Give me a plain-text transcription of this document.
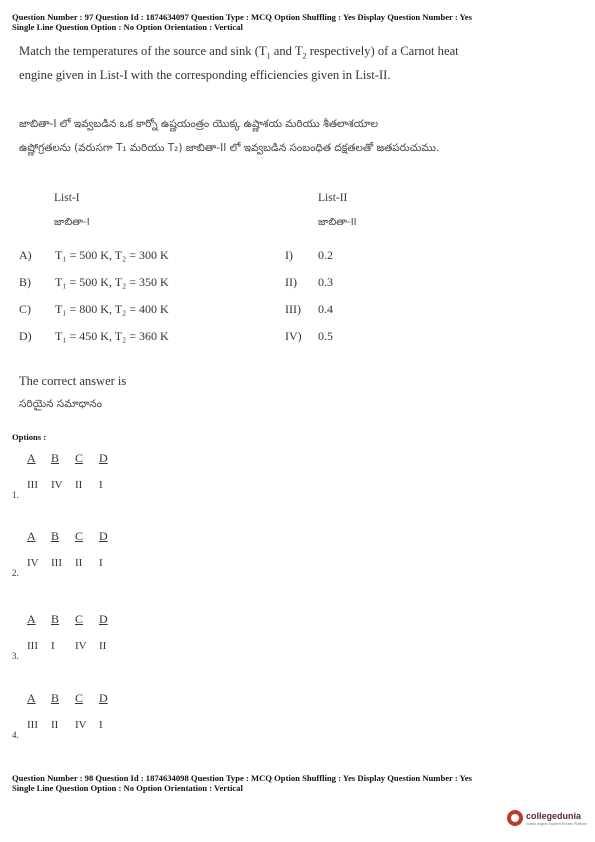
Question Number : 97 Question Id : 1874634097 Question Type : MCQ Option Shuffling : Yes Display Question Number : Yes
Single Line Question Option : No Option Orientation : Vertical
Match the temperatures of the source and sink ($T_1$ and $T_2$ respectively) of a Carnot heat
engine given in List-I with the corresponding efficiencies given in List-II.
జాబితా-I లో ఇవ్వబడిన ఒక కార్నో ఉష్ణయంత్రం యొక్క ఉష్ణాశయ మరియు శీతలాశయాల
ఉష్ణోగ్రతలను (వరుసగా T₁ మరియు T₂) జాబితా-II లో ఇవ్వబడిన సంబంధిత దక్షతలతో జతపరుచుము.
List-I
జాబితా-I
List-II
జాబితా-II
A)	T₁ = 500 K, T₂ = 300 K	I)	0.2
B)	T₁ = 500 K, T₂ = 350 K	II)	0.3
C)	T₁ = 800 K, T₂ = 400 K	III)	0.4
D)	T₁ = 450 K, T₂ = 360 K	IV)	0.5
The correct answer is
సరియైన సమాధానం
Options :
A B C D
III IV II I
1.
A B C D
IV III II I
2.
A B C D
III I IV II
3.
A B C D
III II IV I
4.
Question Number : 98 Question Id : 1874634098 Question Type : MCQ Option Shuffling : Yes Display Question Number : Yes
Single Line Question Option : No Option Orientation : Vertical
collegedunia
India's largest Student Review Platform
